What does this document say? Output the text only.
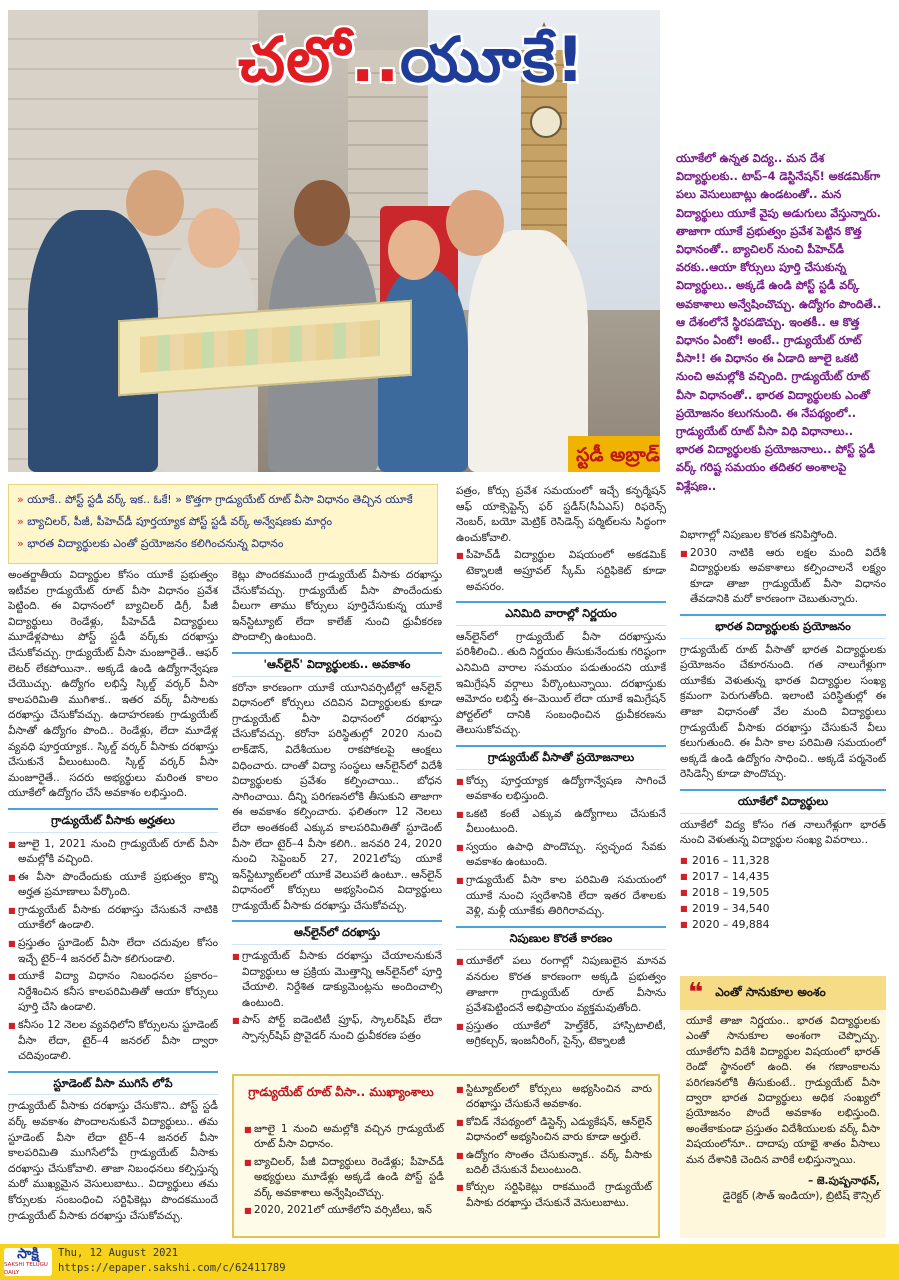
స్టడీ అబ్రాడ్
చలో.. యూకే!

యూకేలో ఉన్నత విద్య.. మన దేశ విద్యార్థులకు.. టాప్‌–4 డెస్టినేషన్‌! అకడమిక్‌గా పలు వెసులుబాట్లు ఉండటంతో.. మన విద్యార్థులు యూకే వైపు అడుగులు వేస్తున్నారు. తాజాగా యూకే ప్రభుత్వం ప్రవేశ పెట్టిన కొత్త విధానంతో.. బ్యాచిలర్‌ నుంచి పీహెచ్‌డీ వరకు..ఆయా కోర్సులు పూర్తి చేసుకున్న విద్యార్థులు.. అక్కడే ఉండి పోస్ట్‌ స్టడీ వర్క్‌ అవకాశాలు అన్వేషించొచ్చు. ఉద్యోగం పొందితే.. ఆ దేశంలోనే స్థిరపడొచ్చు. ఇంతకీ.. ఆ కొత్త విధానం ఏంటో! అంటే.. గ్రాడ్యుయేట్‌ రూట్‌ వీసా!! ఈ విధానం ఈ ఏడాది జూలై ఒకటి నుంచి అమల్లోకి వచ్చింది. గ్రాడ్యుయేట్‌ రూట్‌ వీసా విధానంతో.. భారత విద్యార్థులకు ఎంతో ప్రయోజనం కలుగనుంది. ఈ నేపథ్యంలో.. గ్రాడ్యుయేట్‌ రూట్‌ వీసా విధి విధానాలు.. భారత విద్యార్థులకు ప్రయోజనాలు.. పోస్ట్‌ స్టడీ వర్క్‌ గరిష్ట సమయం తదితర అంశాలపై విశ్లేషణ..

» యూకే.. పోస్ట్‌ స్టడీ వర్క్‌ ఇక.. ఓకే! » కొత్తగా గ్రాడ్యుయేట్‌ రూట్‌ వీసా విధానం తెచ్చిన యూకే
» బ్యాచిలర్, పీజీ, పీహెచ్‌డీ పూర్తయ్యాక పోస్ట్‌ స్టడీ వర్క్‌ అన్వేషణకు మార్గం
» భారత విద్యార్థులకు ఎంతో ప్రయోజనం కలిగించనున్న విధానం

అంతర్జాతీయ విద్యార్థుల కోసం యూకే ప్రభుత్వం ఇటీవల గ్రాడ్యుయేట్‌ రూట్‌ వీసా విధానం ప్రవేశ పెట్టింది. ఈ విధానంలో బ్యాచిలర్‌ డిగ్రీ, పీజీ విద్యార్థులు రెండేళ్లు, పీహెచ్‌డీ విద్యార్థులు మూడేళ్లపాటు పోస్ట్‌ స్టడీ వర్క్‌కు దరఖాస్తు చేసుకోవచ్చు. గ్రాడ్యుయేట్‌ వీసా మంజూరైతే.. ఆఫర్‌ లెటర్‌ లేకపోయినా.. అక్కడే ఉండి ఉద్యోగాన్వేషణ చేయొచ్చు. ఉద్యోగం లభిస్తే స్కిల్డ్‌ వర్కర్‌ వీసా కాలపరిమితి ముగిశాక.. ఇతర వర్క్‌ వీసాలకు దరఖాస్తు చేసుకోవచ్చు. ఉదాహరణకు గ్రాడ్యుయేట్‌ వీసాతో ఉద్యోగం పొంది.. రెండేళ్లు, లేదా మూడేళ్ల వ్యవధి పూర్తయ్యాక.. స్కిల్డ్‌ వర్కర్‌ వీసాకు దరఖాస్తు చేసుకునే వీలుంటుంది. స్కిల్డ్‌ వర్కర్‌ వీసా మంజూరైతే.. సదరు అభ్యర్థులు మరింత కాలం యూకేలో ఉద్యోగం చేసే అవకాశం లభిస్తుంది.

గ్రాడ్యుయేట్‌ వీసాకు అర్హతలు

■ జూలై 1, 2021 నుంచి గ్రాడ్యుయేట్‌ రూట్‌ వీసా అమల్లోకి వచ్చింది.

■ ఈ వీసా పొందేందుకు యూకే ప్రభుత్వం కొన్ని అర్హత ప్రమాణాలు పేర్కొంది.

■ గ్రాడ్యుయేట్‌ వీసాకు దరఖాస్తు చేసుకునే నాటికి యూకేలో ఉండాలి.

■ ప్రస్తుతం స్టూడెంట్‌ వీసా లేదా చదువుల కోసం ఇచ్చే టైర్‌–4 జనరల్‌ వీసా కలిగుండాలి.

■ యూకే విద్యా విధానం నిబంధనల ప్రకారం–నిర్దేశించిన కనీస కాలపరిమితితో ఆయా కోర్సులు పూర్తి చేసి ఉండాలి.

■ కనీసం 12 నెలల వ్యవధిలోని కోర్సులను స్టూడెంట్‌ వీసా లేదా, టైర్‌–4 జనరల్‌ వీసా ద్వారా చదివుండాలి.

స్టూడెంట్‌ వీసా ముగిసే లోపే

గ్రాడ్యుయేట్‌ వీసాకు దరఖాస్తు చేసుకొని.. పోస్ట్‌ స్టడీ వర్క్‌ అవకాశం పొందాలనుకునే విద్యార్థులు.. తమ స్టూడెంట్‌ వీసా లేదా టైర్‌–4 జనరల్‌ వీసా కాలపరిమితి ముగిసేలోపే గ్రాడ్యుయేట్‌ వీసాకు దరఖాస్తు చేసుకోవాలి. తాజా నిబంధనలు కల్పిస్తున్న మరో ముఖ్యమైన వెసులుబాటు.. విద్యార్థులు తమ కోర్సులకు సంబంధించి సర్టిఫికెట్లు పొందకముందే గ్రాడ్యుయేట్‌ వీసాకు దరఖాస్తు చేసుకోవచ్చు.

కెట్లు పొందకముందే గ్రాడ్యుయేట్‌ వీసాకు దరఖాస్తు చేసుకోవచ్చు. గ్రాడ్యుయేట్‌ వీసా పొందేందుకు వీలుగా తాము కోర్సులు పూర్తిచేసుకున్న యూకే ఇన్‌స్టిట్యూట్‌ లేదా కాలేజ్‌ నుంచి ధ్రువీకరణ పొందాల్సి ఉంటుంది.

'ఆన్‌లైన్‌' విద్యార్థులకు.. అవకాశం

కరోనా కారణంగా యూకే యూనివర్సిటీల్లో ఆన్‌లైన్‌ విధానంలో కోర్సులు చదివిన విద్యార్థులకు కూడా గ్రాడ్యుయేట్‌ వీసా విధానంలో దరఖాస్తు చేసుకోవచ్చు. కరోనా పరిస్థితుల్లో 2020 నుంచి లాక్‌డౌన్, విదేశీయుల రాకపోకలపై ఆంక్షలు విధించారు. దాంతో విద్యా సంస్థలు ఆన్‌లైన్‌లో విదేశీ విద్యార్థులకు ప్రవేశం కల్పించాయి.. బోధన సాగించాయి. దీన్ని పరిగణనలోకి తీసుకుని తాజాగా ఈ అవకాశం కల్పించారు. ఫలితంగా 12 నెలలు లేదా అంతకంటే ఎక్కువ కాలపరిమితితో స్టూడెంట్‌ వీసా లేదా టైర్‌–4 వీసా కలిగి.. జనవరి 24, 2020 నుంచి సెప్టెంబర్‌ 27, 2021లోపు యూకే ఇన్‌స్టిట్యూట్‌లలో యూకే వెలుపలే ఉంటూ.. ఆన్‌లైన్‌ విధానంలో కోర్సులు అభ్యసించిన విద్యార్థులు గ్రాడ్యుయేట్‌ వీసాకు దరఖాస్తు చేసుకోవచ్చు.

ఆన్‌లైన్‌లో దరఖాస్తు

■ గ్రాడ్యుయేట్‌ వీసాకు దరఖాస్తు చేయాలనుకునే విద్యార్థులు ఆ ప్రక్రియ మొత్తాన్ని ఆన్‌లైన్‌లో పూర్తి చేయాలి. నిర్దేశిత డాక్యుమెంట్లను అందించాల్సి ఉంటుంది.

■ పాస్‌ పోర్ట్‌ ఐడెంటిటీ ప్రూఫ్, స్కాలర్‌షిప్‌ లేదా స్పాన్సర్‌షిప్‌ ప్రొవైడర్‌ నుంచి ధ్రువీకరణ పత్రం

పత్రం, కోర్సు ప్రవేశ సమయంలో ఇచ్చే కన్ఫర్మేషన్‌ ఆఫ్‌ యాక్సెప్టెన్స్‌ ఫర్‌ స్టడీస్‌(సీఏఎస్‌) రిఫరెన్స్‌ నెంబర్, బయో మెట్రిక్‌ రెసిడెన్స్‌ పర్మిట్‌లను సిద్ధంగా ఉంచుకోవాలి.

■ పీహెచ్‌డీ విద్యార్థుల విషయంలో అకడమిక్‌ టెక్నాలజీ అప్రూవల్‌ స్కీమ్‌ సర్టిఫికెట్‌ కూడా అవసరం.

ఎనిమిది వారాల్లో నిర్ణయం

ఆన్‌లైన్‌లో గ్రాడ్యుయేట్‌ వీసా దరఖాస్తును పరిశీలించి.. తుది నిర్ణయం తీసుకునేందుకు గరిష్ఠంగా ఎనిమిది వారాల సమయం పడుతుందని యూకే ఇమిగ్రేషన్‌ వర్గాలు పేర్కొంటున్నాయి. దరఖాస్తుకు ఆమోదం లభిస్తే ఈ–మెయిల్‌ లేదా యూకే ఇమిగ్రేషన్‌ పోర్టల్‌లో దానికి సంబంధించిన ధ్రువీకరణను తెలుసుకోవచ్చు.

గ్రాడ్యుయేట్‌ వీసాతో ప్రయోజనాలు

■ కోర్సు పూర్తయ్యాక ఉద్యోగాన్వేషణ సాగించే అవకాశం లభిస్తుంది.

■ ఒకటి కంటే ఎక్కువ ఉద్యోగాలు చేసుకునే వీలుంటుంది.

■ స్వయం ఉపాధి పొందొచ్చు. స్వచ్ఛంద సేవకు అవకాశం ఉంటుంది.

■ గ్రాడ్యుయేట్‌ వీసా కాల పరిమితి సమయంలో యూకే నుంచి స్వదేశానికి లేదా ఇతర దేశాలకు వెళ్లి, మళ్లీ యూకేకు తిరిగిరావచ్చు.

నిపుణుల కొరతే కారణం

■ యూకేలో పలు రంగాల్లో నిపుణులైన మానవ వనరుల కొరత కారణంగా అక్కడి ప్రభుత్వం తాజాగా గ్రాడ్యుయేట్‌ రూట్‌ వీసాను ప్రవేశపెట్టిందనే అభిప్రాయం వ్యక్తమవుతోంది.

■ ప్రస్తుతం యూకేలో హెల్త్‌కేర్, హాస్పిటాలిటీ, అగ్రికల్చర్, ఇంజనీరింగ్, సైన్స్, టెక్నాలజీ

విభాగాల్లో నిపుణుల కొరత కనిపిస్తోంది.

■ 2030 నాటికి ఆరు లక్షల మంది విదేశీ విద్యార్థులకు అవకాశాలు కల్పించాలనే లక్ష్యం కూడా తాజా గ్రాడ్యుయేట్‌ వీసా విధానం తేవడానికి మరో కారణంగా చెబుతున్నారు.

భారత విద్యార్థులకు ప్రయోజనం

గ్రాడ్యుయేట్‌ రూట్‌ వీసాతో భారత విద్యార్థులకు ప్రయోజనం చేకూరనుంది. గత నాలుగేళ్లుగా యూకేకు వెళుతున్న భారత విద్యార్థుల సంఖ్య క్రమంగా పెరుగుతోంది. ఇలాంటి పరిస్థితుల్లో ఈ తాజా విధానంతో వేల మంది విద్యార్థులు గ్రాడ్యుయేట్‌ వీసాకు దరఖాస్తు చేసుకునే వీలు కలుగుతుంది. ఈ వీసా కాల పరిమితి సమయంలో అక్కడే ఉండి ఉద్యోగం సాధించి.. అక్కడే పర్మనెంట్‌ రెసిడెన్సీ కూడా పొందొచ్చు.

యూకేలో విద్యార్థులు

యూకేలో విద్య కోసం గత నాలుగేళ్లుగా భారత్‌ నుంచి వెళుతున్న విద్యార్థుల సంఖ్య వివరాలు..

■ 2016 – 11,328
■ 2017 – 14,435
■ 2018 – 19,505
■ 2019 – 34,540
■ 2020 – 49,884
గ్రాడ్యుయేట్‌ రూట్‌ వీసా.. ముఖ్యాంశాలు

■ జూలై 1 నుంచి అమల్లోకి వచ్చిన గ్రాడ్యుయేట్‌ రూట్‌ వీసా విధానం.

■ బ్యాచిలర్, పీజీ విద్యార్థులు రెండేళ్లు; పీహెచ్‌డీ అభ్యర్థులు మూడేళ్లు అక్కడే ఉండి పోస్ట్‌ స్టడీ వర్క్‌ అవకాశాలు అన్వేషించొచ్చు.

■ 2020, 2021లో యూకేలోని వర్సిటీలు, ఇన్‌

■ స్టిట్యూట్‌లలో కోర్సులు అభ్యసించిన వారు దరఖాస్తు చేసుకునే అవకాశం.

■ కోవిడ్‌ నేపథ్యంలో డిస్టెన్స్‌ ఎడ్యుకేషన్, ఆన్‌లైన్‌ విధానంలో అభ్యసించిన వారు కూడా అర్హులే.

■ ఉద్యోగం సొంతం చేసుకున్నాక.. వర్క్‌ వీసాకు బదిలీ చేసుకునే వీలుంటుంది.

■ కోర్సుల సర్టిఫికెట్లు రాకముందే గ్రాడ్యుయేట్‌ వీసాకు దరఖాస్తు చేసుకునే వెసులుబాటు.

❝ ఎంతో సానుకూల అంశం
యూకే తాజా నిర్ణయం.. భారత విద్యార్థులకు ఎంతో సానుకూల అంశంగా చెప్పొచ్చు. యూకేలోని విదేశీ విద్యార్థుల విషయంలో భారత్‌ రెండో స్థానంలో ఉంది. ఈ గణాంకాలను పరిగణనలోకి తీసుకుంటే.. గ్రాడ్యుయేట్‌ వీసా ద్వారా భారత విద్యార్థులు అధిక సంఖ్యలో ప్రయోజనం పొందే అవకాశం లభిస్తుంది. అంతేకాకుండా ప్రస్తుతం విదేశీయులకు వర్క్‌ వీసా విషయంలోనూ.. దాదాపు యాభై శాతం వీసాలు మన దేశానికి చెందిన వారికే లభిస్తున్నాయి.
– జె.పుష్పనాథన్,
డైరెక్టర్‌ (సౌత్‌ ఇండియా), బ్రిటిష్‌ కౌన్సిల్‌
సాక్షి
SAKSHI TELUGU DAILY
Thu, 12 August 2021
https://epaper.sakshi.com/c/62411789
